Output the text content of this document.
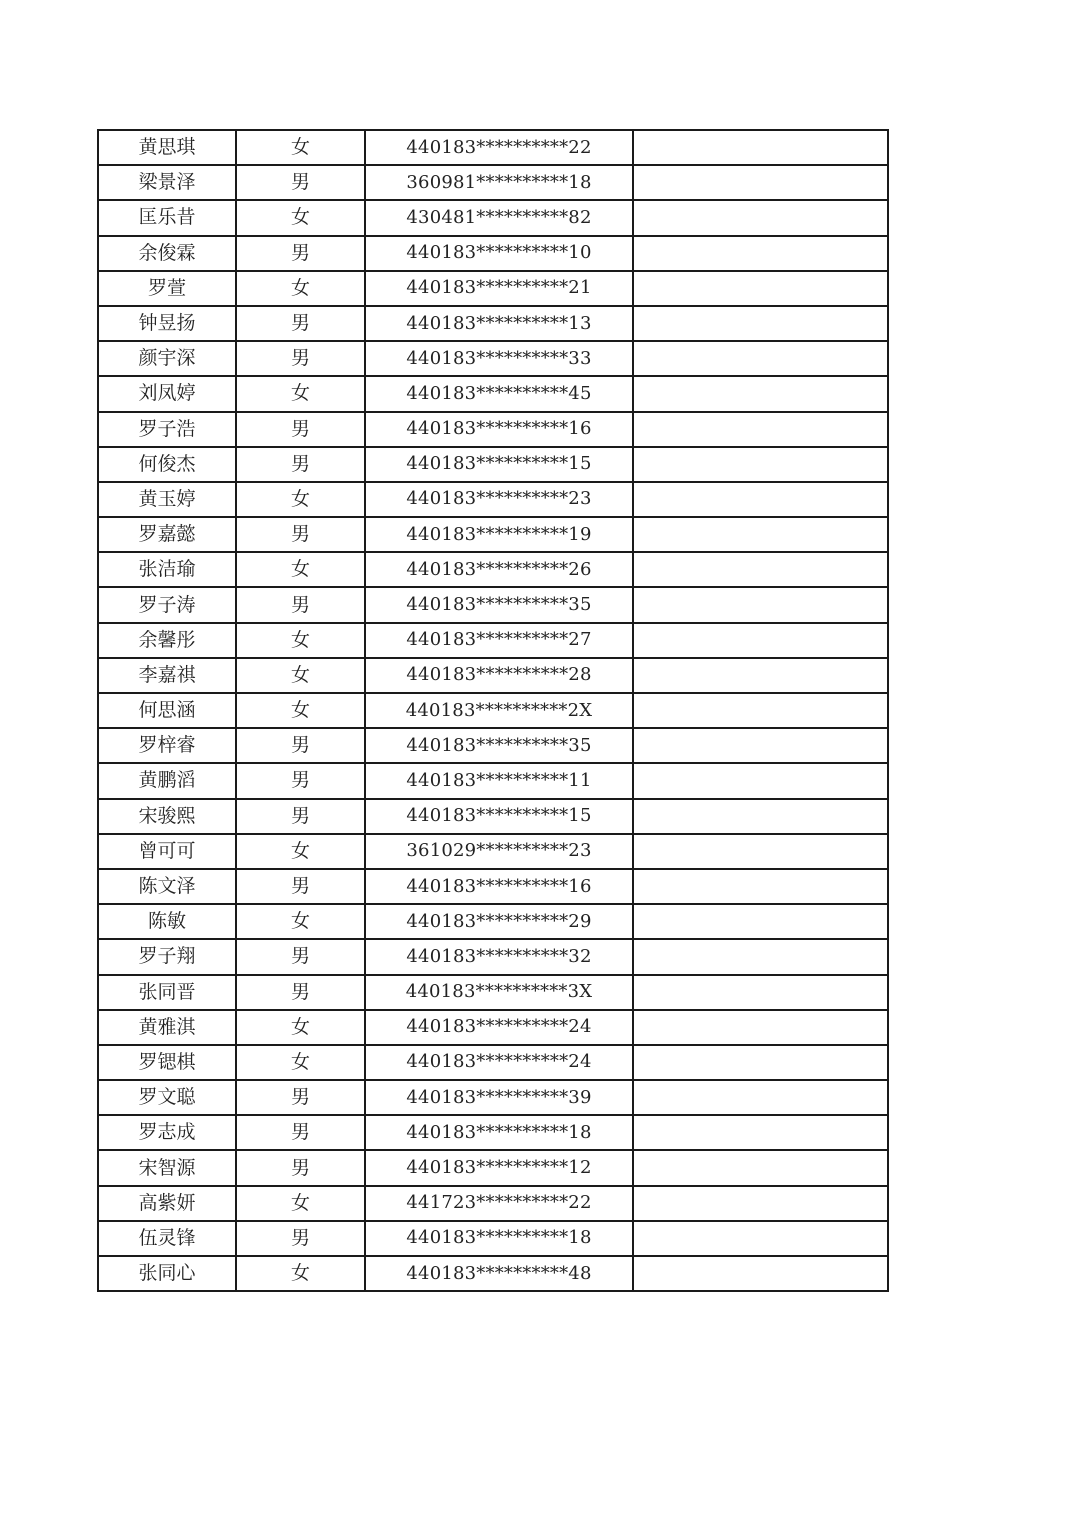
黄思琪	女	440183**********22	
梁景泽	男	360981**********18	
匡乐昔	女	430481**********82	
余俊霖	男	440183**********10	
罗萱	女	440183**********21	
钟昱扬	男	440183**********13	
颜宇深	男	440183**********33	
刘凤婷	女	440183**********45	
罗子浩	男	440183**********16	
何俊杰	男	440183**********15	
黄玉婷	女	440183**********23	
罗嘉懿	男	440183**********19	
张洁瑜	女	440183**********26	
罗子涛	男	440183**********35	
余馨彤	女	440183**********27	
李嘉祺	女	440183**********28	
何思涵	女	440183**********2X	
罗梓睿	男	440183**********35	
黄鹏滔	男	440183**********11	
宋骏熙	男	440183**********15	
曾可可	女	361029**********23	
陈文泽	男	440183**********16	
陈敏	女	440183**********29	
罗子翔	男	440183**********32	
张同晋	男	440183**********3X	
黄雅淇	女	440183**********24	
罗锶棋	女	440183**********24	
罗文聪	男	440183**********39	
罗志成	男	440183**********18	
宋智源	男	440183**********12	
高紫妍	女	441723**********22	
伍灵锋	男	440183**********18	
张同心	女	440183**********48	
